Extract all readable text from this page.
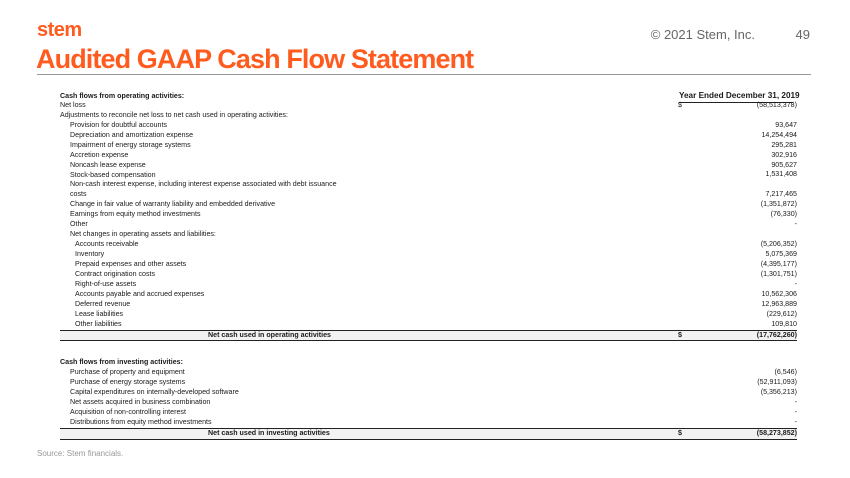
stem	© 2021 Stem, Inc.	49
Audited GAAP Cash Flow Statement
Cash flows from operating activities:	Year Ended December 31, 2019
Net loss	$	(58,513,378)
Adjustments to reconcile net loss to net cash used in operating activities:
Provision for doubtful accounts	93,647
Depreciation and amortization expense	14,254,494
Impairment of energy storage systems	295,281
Accretion expense	302,916
Noncash lease expense	905,627
Stock-based compensation	1,531,408
Non-cash interest expense, including interest expense associated with debt issuance costs	7,217,465
Change in fair value of warranty liability and embedded derivative	(1,351,872)
Earnings from equity method investments	(76,330)
Other	-
Net changes in operating assets and liabilities:
Accounts receivable	(5,206,352)
Inventory	5,075,369
Prepaid expenses and other assets	(4,395,177)
Contract origination costs	(1,301,751)
Right-of-use assets	-
Accounts payable and accrued expenses	10,562,306
Deferred revenue	12,963,889
Lease liabilities	(229,612)
Other liabilities	109,810
Net cash used in operating activities	$	(17,762,260)
Cash flows from investing activities:
Purchase of property and equipment	(6,546)
Purchase of energy storage systems	(52,911,093)
Capital expenditures on internally-developed software	(5,356,213)
Net assets acquired in business combination	-
Acquisition of non-controlling interest	-
Distributions from equity method investments	-
Net cash used in investing activities	$	(58,273,852)
Source: Stem financials.
